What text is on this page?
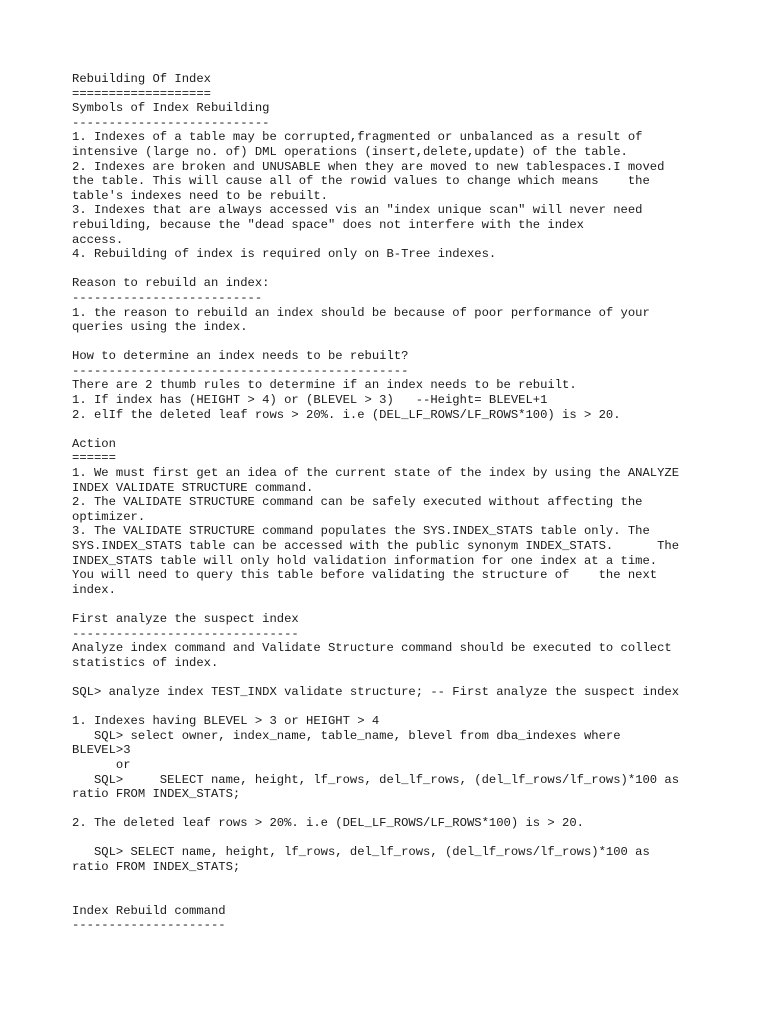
Rebuilding Of Index
===================
Symbols of Index Rebuilding
---------------------------
1. Indexes of a table may be corrupted,fragmented or unbalanced as a result of
intensive (large no. of) DML operations (insert,delete,update) of the table.
2. Indexes are broken and UNUSABLE when they are moved to new tablespaces.I moved
the table. This will cause all of the rowid values to change which means    the
table's indexes need to be rebuilt.
3. Indexes that are always accessed vis an "index unique scan" will never need
rebuilding, because the "dead space" does not interfere with the index
access.
4. Rebuilding of index is required only on B-Tree indexes.
Reason to rebuild an index:
--------------------------
1. the reason to rebuild an index should be because of poor performance of your
queries using the index.
How to determine an index needs to be rebuilt?
----------------------------------------------
There are 2 thumb rules to determine if an index needs to be rebuilt.
1. If index has (HEIGHT > 4) or (BLEVEL > 3)   --Height= BLEVEL+1
2. elIf the deleted leaf rows > 20%. i.e (DEL_LF_ROWS/LF_ROWS*100) is > 20.
Action
======
1. We must first get an idea of the current state of the index by using the ANALYZE
INDEX VALIDATE STRUCTURE command.
2. The VALIDATE STRUCTURE command can be safely executed without affecting the
optimizer.
3. The VALIDATE STRUCTURE command populates the SYS.INDEX_STATS table only. The
SYS.INDEX_STATS table can be accessed with the public synonym INDEX_STATS.      The
INDEX_STATS table will only hold validation information for one index at a time.
You will need to query this table before validating the structure of    the next
index.
First analyze the suspect index
-------------------------------
Analyze index command and Validate Structure command should be executed to collect
statistics of index.
SQL> analyze index TEST_INDX validate structure; -- First analyze the suspect index
1. Indexes having BLEVEL > 3 or HEIGHT > 4
SQL> select owner, index_name, table_name, blevel from dba_indexes where
BLEVEL>3
or
SQL>     SELECT name, height, lf_rows, del_lf_rows, (del_lf_rows/lf_rows)*100 as
ratio FROM INDEX_STATS;
2. The deleted leaf rows > 20%. i.e (DEL_LF_ROWS/LF_ROWS*100) is > 20.
SQL> SELECT name, height, lf_rows, del_lf_rows, (del_lf_rows/lf_rows)*100 as
ratio FROM INDEX_STATS;
Index Rebuild command
---------------------
